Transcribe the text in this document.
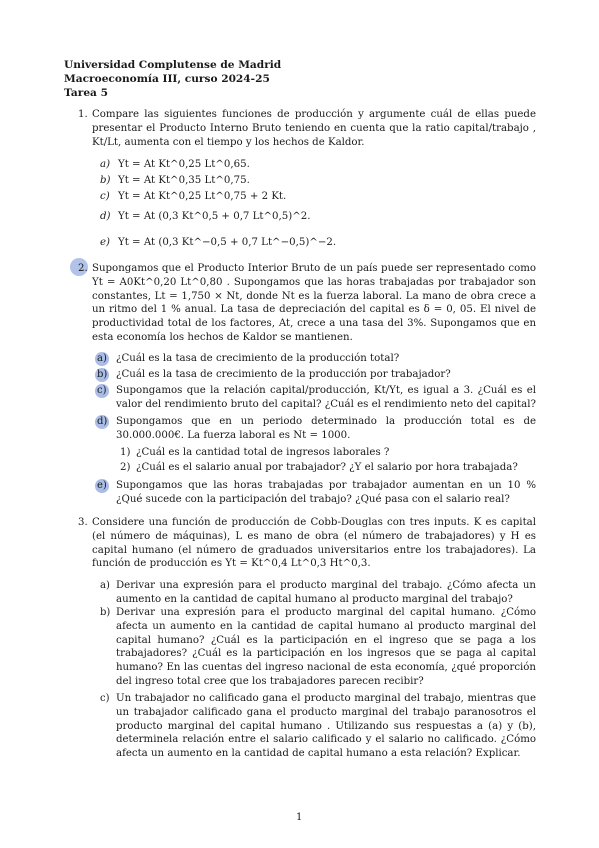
Universidad Complutense de Madrid
Macroeconomía III, curso 2024-25
Tarea 5
1. Compare las siguientes funciones de producción y argumente cuál de ellas puede presentar el Producto Interno Bruto teniendo en cuenta que la ratio capital/trabajo , Kt/Lt, aumenta con el tiempo y los hechos de Kaldor.
a) Yt = At Kt^0,25 Lt^0,65.
b) Yt = At Kt^0,35 Lt^0,75.
c) Yt = At Kt^0,25 Lt^0,75 + 2 Kt.
d) Yt = At (0,3 Kt^0,5 + 0,7 Lt^0,5)^2.
e) Yt = At (0,3 Kt^−0,5 + 0,7 Lt^−0,5)^−2.
2. Supongamos que el Producto Interior Bruto de un país puede ser representado como Yt = A0Kt^0,20 Lt^0,80 . Supongamos que las horas trabajadas por trabajador son constantes, Lt = 1,750 × Nt, donde Nt es la fuerza laboral. La mano de obra crece a un ritmo del 1 % anual. La tasa de depreciación del capital es δ = 0, 05. El nivel de productividad total de los factores, At, crece a una tasa del 3%. Supongamos que en esta economía los hechos de Kaldor se mantienen.
a) ¿Cuál es la tasa de crecimiento de la producción total?
b) ¿Cuál es la tasa de crecimiento de la producción por trabajador?
c) Supongamos que la relación capital/producción, Kt/Yt, es igual a 3. ¿Cuál es el valor del rendimiento bruto del capital? ¿Cuál es el rendimiento neto del capital?
d) Supongamos que en un periodo determinado la producción total es de 30.000.000€. La fuerza laboral es Nt = 1000.
1) ¿Cuál es la cantidad total de ingresos laborales ?
2) ¿Cuál es el salario anual por trabajador? ¿Y el salario por hora trabajada?
e) Supongamos que las horas trabajadas por trabajador aumentan en un 10 % ¿Qué sucede con la participación del trabajo? ¿Qué pasa con el salario real?
3. Considere una función de producción de Cobb-Douglas con tres inputs. K es capital (el número de máquinas), L es mano de obra (el número de trabajadores) y H es capital humano (el número de graduados universitarios entre los trabajadores). La función de producción es Yt = Kt^0,4 Lt^0,3 Ht^0,3.
a) Derivar una expresión para el producto marginal del trabajo. ¿Cómo afecta un aumento en la cantidad de capital humano al producto marginal del trabajo?
b) Derivar una expresión para el producto marginal del capital humano. ¿Cómo afecta un aumento en la cantidad de capital humano al producto marginal del capital humano? ¿Cuál es la participación en el ingreso que se paga a los trabajadores? ¿Cuál es la participación en los ingresos que se paga al capital humano? En las cuentas del ingreso nacional de esta economía, ¿qué proporción del ingreso total cree que los trabajadores parecen recibir?
c) Un trabajador no calificado gana el producto marginal del trabajo, mientras que un trabajador calificado gana el producto marginal del trabajo paranosotros el producto marginal del capital humano . Utilizando sus respuestas a (a) y (b), determinela relación entre el salario calificado y el salario no calificado. ¿Cómo afecta un aumento en la cantidad de capital humano a esta relación? Explicar.
1
